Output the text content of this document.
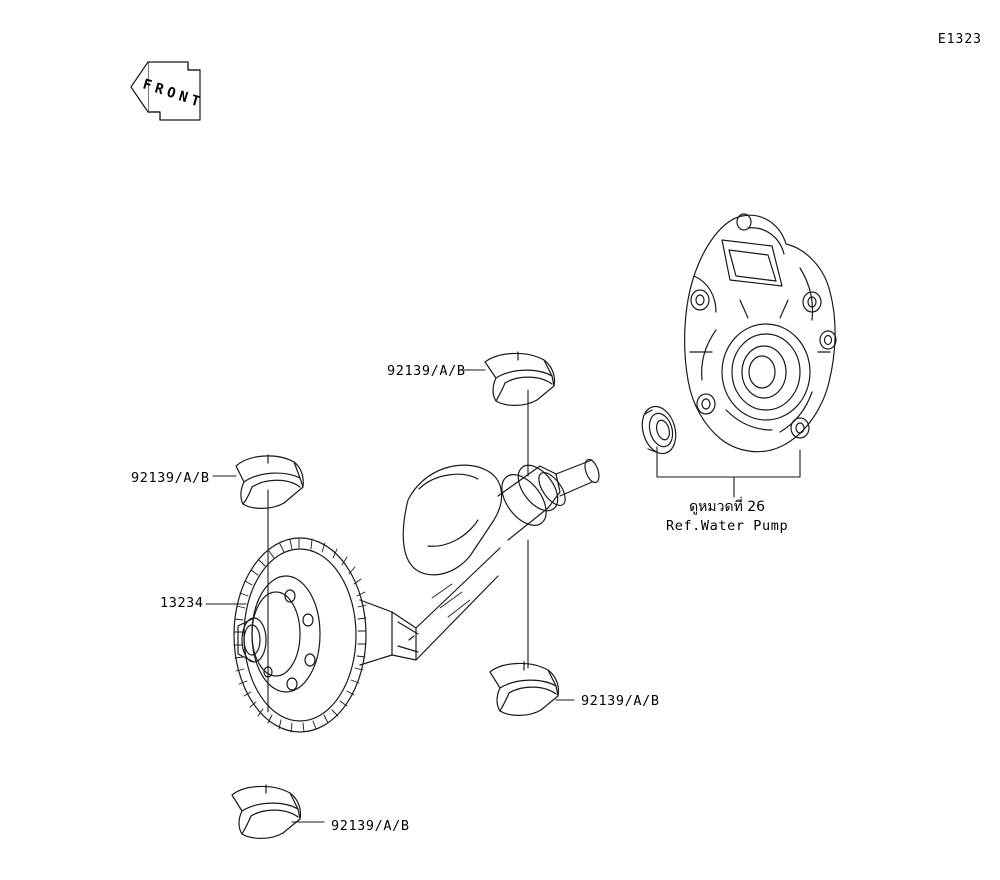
F R O N T
E1323
92139/A/B
92139/A/B
92139/A/B
92139/A/B
13234
ดูหมวดที่ 26
Ref.Water Pump
